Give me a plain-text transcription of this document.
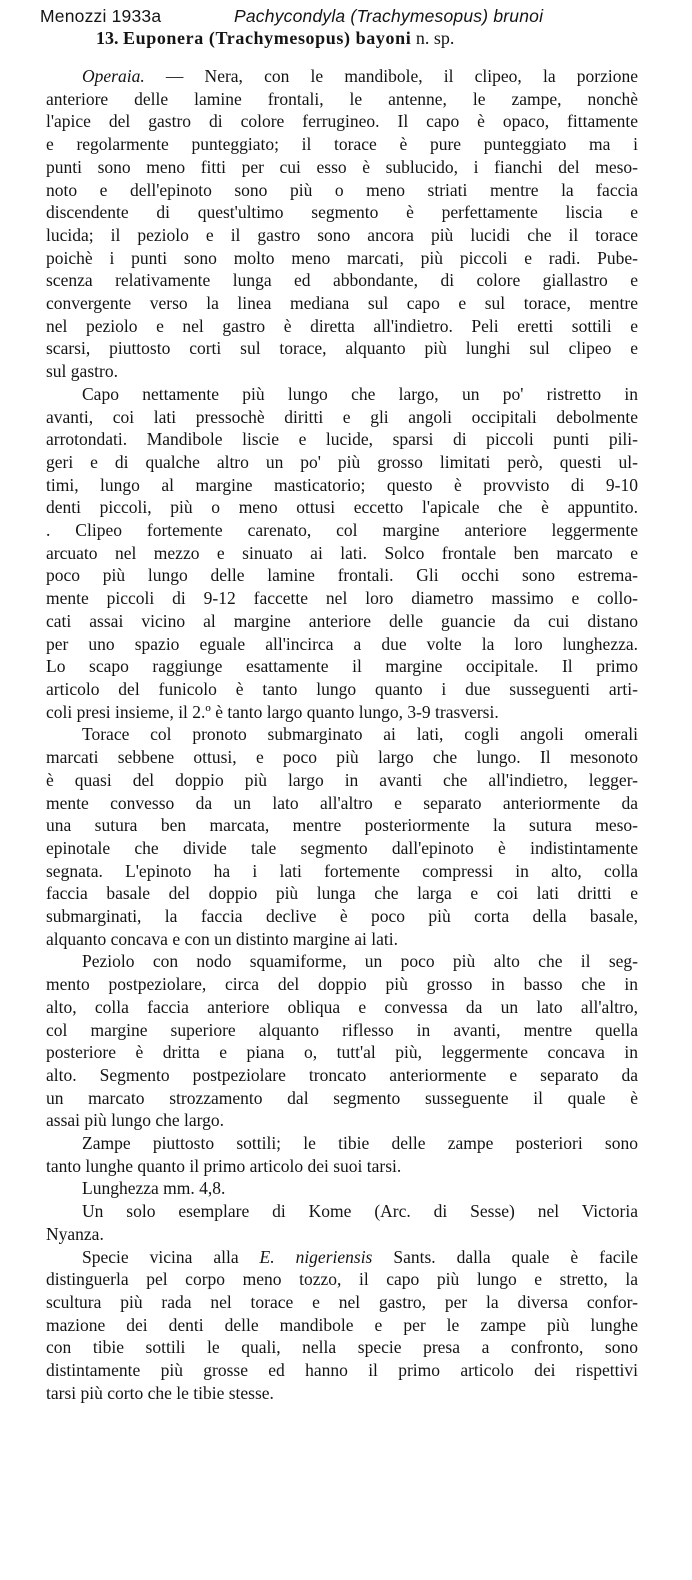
Menozzi 1933a	Pachycondyla (Trachymesopus) brunoi
13. Euponera (Trachymesopus) bayoni n. sp.

Operaia. — Nera, con le mandibole, il clipeo, la porzione

anteriore delle lamine frontali, le antenne, le zampe, nonchè

l'apice del gastro di colore ferrugineo. Il capo è opaco, fittamente

e regolarmente punteggiato; il torace è pure punteggiato ma i

punti sono meno fitti per cui esso è sublucido, i fianchi del meso-

noto e dell'epinoto sono più o meno striati mentre la faccia

discendente di quest'ultimo segmento è perfettamente liscia e

lucida; il peziolo e il gastro sono ancora più lucidi che il torace

poichè i punti sono molto meno marcati, più piccoli e radi. Pube-

scenza relativamente lunga ed abbondante, di colore giallastro e

convergente verso la linea mediana sul capo e sul torace, mentre

nel peziolo e nel gastro è diretta all'indietro. Peli eretti sottili e

scarsi, piuttosto corti sul torace, alquanto più lunghi sul clipeo e

sul gastro.

Capo nettamente più lungo che largo, un po' ristretto in

avanti, coi lati pressochè diritti e gli angoli occipitali debolmente

arrotondati. Mandibole liscie e lucide, sparsi di piccoli punti pili-

geri e di qualche altro un po' più grosso limitati però, questi ul-

timi, lungo al margine masticatorio; questo è provvisto di 9-10

denti piccoli, più o meno ottusi eccetto l'apicale che è appuntito.

. Clipeo fortemente carenato, col margine anteriore leggermente

arcuato nel mezzo e sinuato ai lati. Solco frontale ben marcato e

poco più lungo delle lamine frontali. Gli occhi sono estrema-

mente piccoli di 9-12 faccette nel loro diametro massimo e collo-

cati assai vicino al margine anteriore delle guancie da cui distano

per uno spazio eguale all'incirca a due volte la loro lunghezza.

Lo scapo raggiunge esattamente il margine occipitale. Il primo

articolo del funicolo è tanto lungo quanto i due susseguenti arti-

coli presi insieme, il 2.º è tanto largo quanto lungo, 3-9 trasversi.

Torace col pronoto submarginato ai lati, cogli angoli omerali

marcati sebbene ottusi, e poco più largo che lungo. Il mesonoto

è quasi del doppio più largo in avanti che all'indietro, legger-

mente convesso da un lato all'altro e separato anteriormente da

una sutura ben marcata, mentre posteriormente la sutura meso-

epinotale che divide tale segmento dall'epinoto è indistintamente

segnata. L'epinoto ha i lati fortemente compressi in alto, colla

faccia basale del doppio più lunga che larga e coi lati dritti e

submarginati, la faccia declive è poco più corta della basale,

alquanto concava e con un distinto margine ai lati.

Peziolo con nodo squamiforme, un poco più alto che il seg-

mento postpeziolare, circa del doppio più grosso in basso che in

alto, colla faccia anteriore obliqua e convessa da un lato all'altro,

col margine superiore alquanto riflesso in avanti, mentre quella

posteriore è dritta e piana o, tutt'al più, leggermente concava in

alto. Segmento postpeziolare troncato anteriormente e separato da

un marcato strozzamento dal segmento susseguente il quale è

assai più lungo che largo.

Zampe piuttosto sottili; le tibie delle zampe posteriori sono

tanto lunghe quanto il primo articolo dei suoi tarsi.

Lunghezza mm. 4,8.

Un solo esemplare di Kome (Arc. di Sesse) nel Victoria

Nyanza.

Specie vicina alla E. nigeriensis Sants. dalla quale è facile

distinguerla pel corpo meno tozzo, il capo più lungo e stretto, la

scultura più rada nel torace e nel gastro, per la diversa confor-

mazione dei denti delle mandibole e per le zampe più lunghe

con tibie sottili le quali, nella specie presa a confronto, sono

distintamente più grosse ed hanno il primo articolo dei rispettivi

tarsi più corto che le tibie stesse.
